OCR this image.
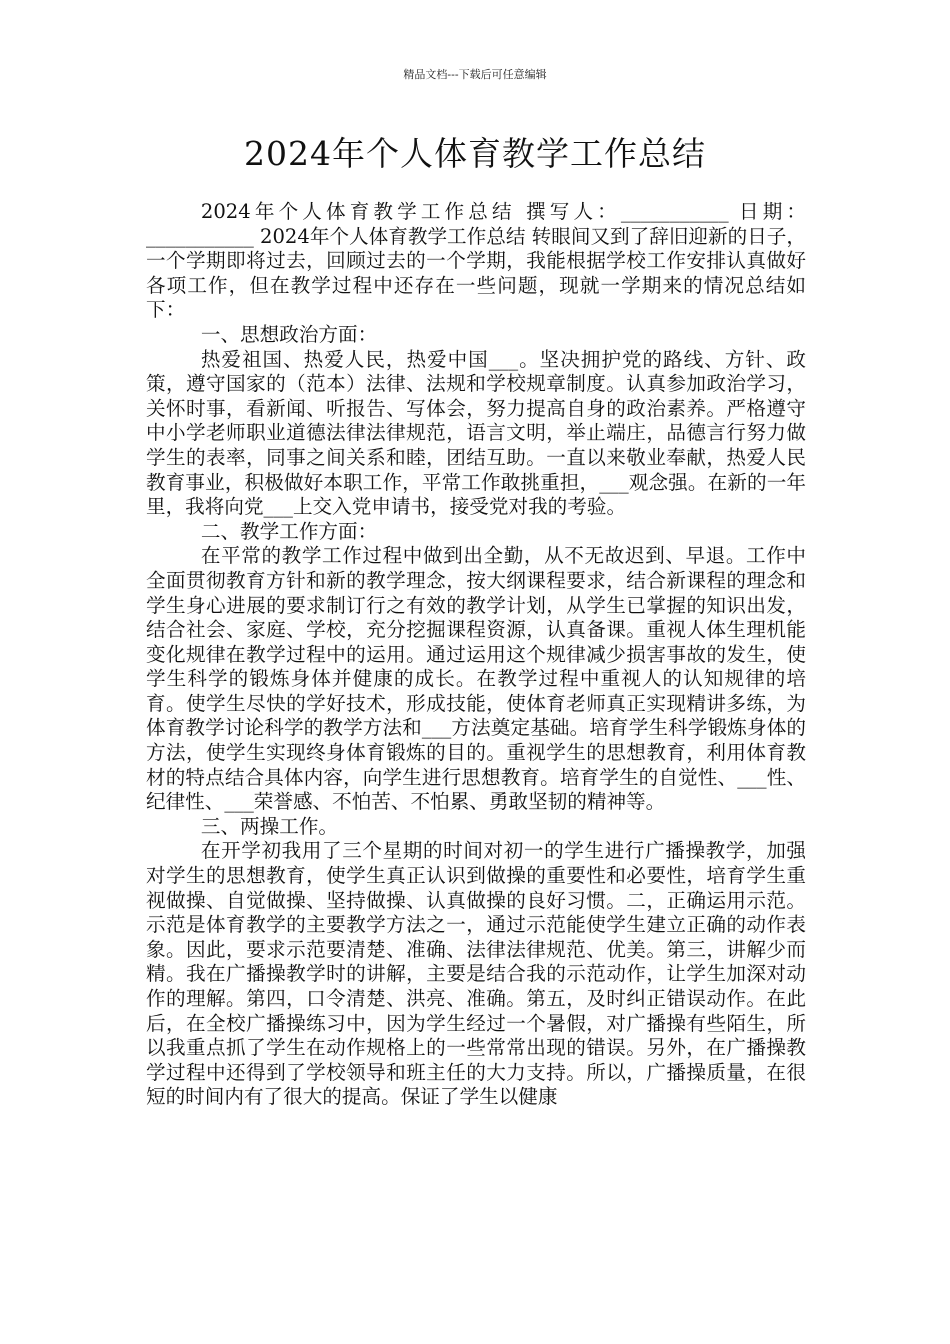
精品文档---下载后可任意编辑
2024年个人体育教学工作总结

2024年个人体育教学工作总结 撰写人：___________ 日期：___________ 2024年个人体育教学工作总结 转眼间又到了辞旧迎新的日子，一个学期即将过去，回顾过去的一个学期，我能根据学校工作安排认真做好各项工作，但在教学过程中还存在一些问题，现就一学期来的情况总结如下：

一、思想政治方面：

热爱祖国、热爱人民，热爱中国___。坚决拥护党的路线、方针、政策，遵守国家的（范本）法律、法规和学校规章制度。认真参加政治学习，关怀时事，看新闻、听报告、写体会，努力提高自身的政治素养。严格遵守中小学老师职业道德法律法律规范，语言文明，举止端庄，品德言行努力做学生的表率，同事之间关系和睦，团结互助。一直以来敬业奉献，热爱人民教育事业，积极做好本职工作，平常工作敢挑重担，___观念强。在新的一年里，我将向党___上交入党申请书，接受党对我的考验。

二、教学工作方面：

在平常的教学工作过程中做到出全勤，从不无故迟到、早退。工作中全面贯彻教育方针和新的教学理念，按大纲课程要求，结合新课程的理念和学生身心进展的要求制订行之有效的教学计划，从学生已掌握的知识出发，结合社会、家庭、学校，充分挖掘课程资源，认真备课。重视人体生理机能变化规律在教学过程中的运用。通过运用这个规律减少损害事故的发生，使学生科学的锻炼身体并健康的成长。在教学过程中重视人的认知规律的培育。使学生尽快的学好技术，形成技能，使体育老师真正实现精讲多练，为体育教学讨论科学的教学方法和___方法奠定基础。培育学生科学锻炼身体的方法，使学生实现终身体育锻炼的目的。重视学生的思想教育，利用体育教材的特点结合具体内容，向学生进行思想教育。培育学生的自觉性、___性、纪律性、___荣誉感、不怕苦、不怕累、勇敢坚韧的精神等。

三、两操工作。

在开学初我用了三个星期的时间对初一的学生进行广播操教学，加强对学生的思想教育，使学生真正认识到做操的重要性和必要性，培育学生重视做操、自觉做操、坚持做操、认真做操的良好习惯。二，正确运用示范。示范是体育教学的主要教学方法之一，通过示范能使学生建立正确的动作表象。因此，要求示范要清楚、准确、法律法律规范、优美。第三，讲解少而精。我在广播操教学时的讲解，主要是结合我的示范动作，让学生加深对动作的理解。第四，口令清楚、洪亮、准确。第五，及时纠正错误动作。在此后，在全校广播操练习中，因为学生经过一个暑假，对广播操有些陌生，所以我重点抓了学生在动作规格上的一些常常出现的错误。另外，在广播操教学过程中还得到了学校领导和班主任的大力支持。所以，广播操质量，在很短的时间内有了很大的提高。保证了学生以健康
